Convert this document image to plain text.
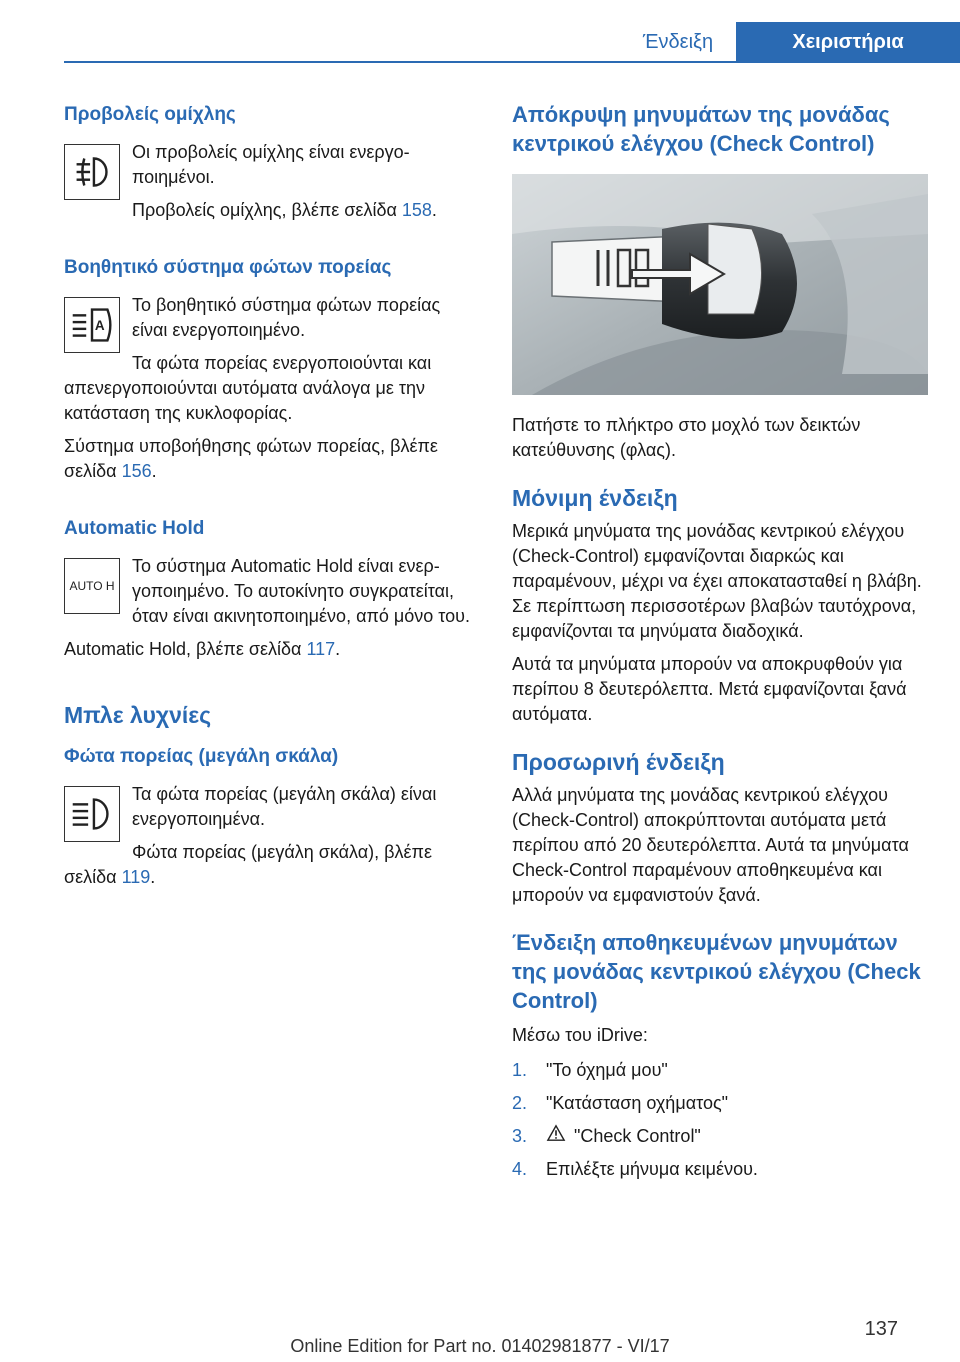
Ένδειξη	Χειριστήρια
Προβολείς ομίχλης

Οι προβολείς ομίχλης είναι ενεργοποιημένοι.

Προβολείς ομίχλης, βλέπε σελίδα 158.

Βοηθητικό σύστημα φώτων πορείας
A

Το βοηθητικό σύστημα φώτων πορείας είναι ενεργοποιημένο.

Τα φώτα πορείας ενεργοποιούνται και απενεργοποιούνται αυτόματα ανάλογα με την κατάσταση της κυκλοφορίας.

Σύστημα υποβοήθησης φώτων πορείας, βλέπε σελίδα 156.

Automatic Hold
AUTO H

Το σύστημα Automatic Hold είναι ενεργοποιημένο. Το αυτοκίνητο συγκρατείται, όταν είναι ακινητοποιημένο, από μόνο του.

Automatic Hold, βλέπε σελίδα 117.

Μπλε λυχνίες
Φώτα πορείας (μεγάλη σκάλα)

Τα φώτα πορείας (μεγάλη σκάλα) είναι ενεργοποιημένα.

Φώτα πορείας (μεγάλη σκάλα), βλέπε σελίδα 119.

Απόκρυψη μηνυμάτων της μονάδας κεντρικού ελέγχου (Check Control)

Πατήστε το πλήκτρο στο μοχλό των δεικτών κατεύθυνσης (φλας).

Μόνιμη ένδειξη

Μερικά μηνύματα της μονάδας κεντρικού ελέγχου (Check-Control) εμφανίζονται διαρκώς και παραμένουν, μέχρι να έχει αποκατασταθεί η βλάβη. Σε περίπτωση περισσοτέρων βλαβών ταυτόχρονα, εμφανίζονται τα μηνύματα διαδοχικά.

Αυτά τα μηνύματα μπορούν να αποκρυφθούν για περίπου 8 δευτερόλεπτα. Μετά εμφανίζονται ξανά αυτόματα.

Προσωρινή ένδειξη

Αλλά μηνύματα της μονάδας κεντρικού ελέγχου (Check-Control) αποκρύπτονται αυτόματα μετά περίπου από 20 δευτερόλεπτα. Αυτά τα μηνύματα Check-Control παραμένουν αποθηκευμένα και μπορούν να εμφανιστούν ξανά.

Ένδειξη αποθηκευμένων μηνυμάτων της μονάδας κεντρικού ελέγχου (Check Control)

Μέσω του iDrive:

1.	"Το όχημά μου"
2.	"Κατάσταση οχήματος"
3.	"Check Control"
4.	Επιλέξτε μήνυμα κειμένου.
137
Online Edition for Part no. 01402981877 - VI/17
